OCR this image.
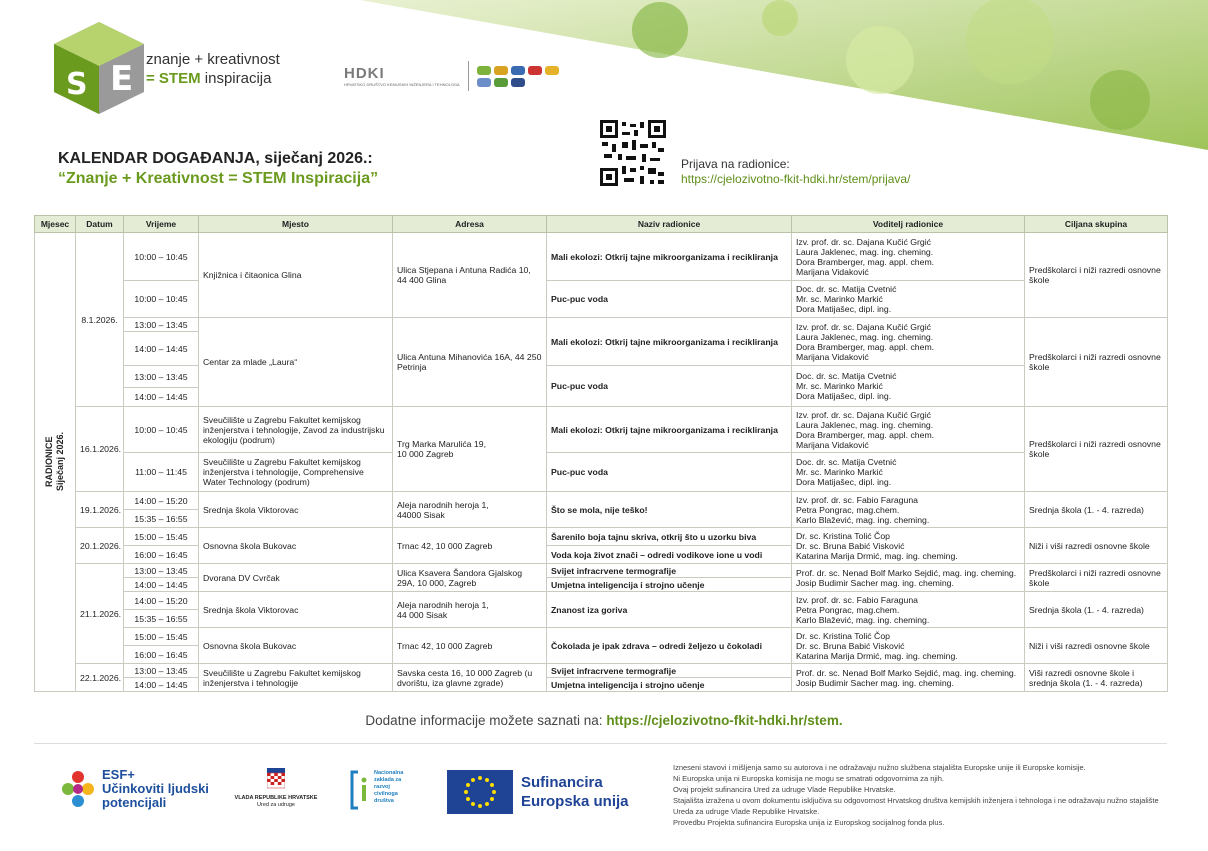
E
S
znanje + kreativnost
= STEM inspiracija	HDKI
HRVATSKO DRUŠTVO KEMIJSKIH INŽENJERA I TEHNOLOGA
Prijava na radionice:
https://cjelozivotno-fkit-hdki.hr/stem/prijava/
KALENDAR DOGAĐANJA, siječanj 2026.:
“Znanje + Kreativnost = STEM Inspiracija”
Mjesec	Datum	Vrijeme	Mjesto	Adresa	Naziv radionice	Voditelj radionice	Ciljana skupina

RADIONICE
Siječanj 2026.	8.1.2026.	10:00 – 10:45	Knjižnica i čitaonica Glina	Ulica Stjepana i Antuna Radića 10, 44 400 Glina	Mali ekolozi: Otkrij tajne mikroorganizama i recikliranja	Izv. prof. dr. sc. Dajana Kučić Grgić
Laura Jaklenec, mag. ing. cheming.
Dora Bramberger, mag. appl. chem.
Marijana Vidaković	Predškolarci i niži razredi osnovne škole
		10:00 – 10:45			Puc-puc voda	Doc. dr. sc. Matija Cvetnić
Mr. sc. Marinko Markić
Dora Matijašec, dipl. ing.	
		13:00 – 13:45	Centar za mlade „Laura“	Ulica Antuna Mihanovića 16A, 44 250 Petrinja	Mali ekolozi: Otkrij tajne mikroorganizama i recikliranja	Izv. prof. dr. sc. Dajana Kučić Grgić
Laura Jaklenec, mag. ing. cheming.
Dora Bramberger, mag. appl. chem.
Marijana Vidaković	Predškolarci i niži razredi osnovne škole
		14:00 – 14:45					
		13:00 – 13:45			Puc-puc voda	Doc. dr. sc. Matija Cvetnić
Mr. sc. Marinko Markić
Dora Matijašec, dipl. ing.	
		14:00 – 14:45					
	16.1.2026.	10:00 – 10:45	Sveučilište u Zagrebu Fakultet kemijskog inženjerstva i tehnologije, Zavod za industrijsku ekologiju (podrum)	Trg Marka Marulića 19,
10 000 Zagreb	Mali ekolozi: Otkrij tajne mikroorganizama i recikliranja	Izv. prof. dr. sc. Dajana Kučić Grgić
Laura Jaklenec, mag. ing. cheming.
Dora Bramberger, mag. appl. chem.
Marijana Vidaković	Predškolarci i niži razredi osnovne škole
		11:00 – 11:45	Sveučilište u Zagrebu Fakultet kemijskog inženjerstva i tehnologije, Comprehensive Water Technology (podrum)		Puc-puc voda	Doc. dr. sc. Matija Cvetnić
Mr. sc. Marinko Markić
Dora Matijašec, dipl. ing.	
	19.1.2026.	14:00 – 15:20	Srednja škola Viktorovac	Aleja narodnih heroja 1,
44000 Sisak	Što se mola, nije teško!	Izv. prof. dr. sc. Fabio Faraguna
Petra Pongrac, mag.chem.
Karlo Blažević, mag. ing. cheming.	Srednja škola (1. - 4. razreda)
		15:35 – 16:55					
	20.1.2026.	15:00 – 15:45	Osnovna škola Bukovac	Trnac 42, 10 000 Zagreb	Šarenilo boja tajnu skriva, otkrij što u uzorku biva	Dr. sc. Kristina Tolić Čop
Dr. sc. Bruna Babić Visković
Katarina Marija Drmić, mag. ing. cheming.	Niži i viši razredi osnovne škole
		16:00 – 16:45			Voda koja život znači – odredi vodikove ione u vodi		
	21.1.2026.	13:00 – 13:45	Dvorana DV Cvrčak	Ulica Ksavera Šandora Gjalskog 29A, 10 000, Zagreb	Svijet infracrvene termografije	Prof. dr. sc. Nenad Bolf Marko Sejdić, mag. ing. cheming. Josip Budimir Sacher mag. ing. cheming.	Predškolarci i niži razredi osnovne škole
		14:00 – 14:45			Umjetna inteligencija i strojno učenje		
		14:00 – 15:20	Srednja škola Viktorovac	Aleja narodnih heroja 1,
44 000 Sisak	Znanost iza goriva	Izv. prof. dr. sc. Fabio Faraguna
Petra Pongrac, mag.chem.
Karlo Blažević, mag. ing. cheming.	Srednja škola (1. - 4. razreda)
		15:35 – 16:55					
		15:00 – 15:45	Osnovna škola Bukovac	Trnac 42, 10 000 Zagreb	Čokolada je ipak zdrava – odredi željezo u čokoladi	Dr. sc. Kristina Tolić Čop
Dr. sc. Bruna Babić Visković
Katarina Marija Drmić, mag. ing. cheming.	Niži i viši razredi osnovne škole
		16:00 – 16:45					
	22.1.2026.	13:00 – 13:45	Sveučilište u Zagrebu Fakultet kemijskog inženjerstva i tehnologije	Savska cesta 16, 10 000 Zagreb (u dvorištu, iza glavne zgrade)	Svijet infracrvene termografije	Prof. dr. sc. Nenad Bolf Marko Sejdić, mag. ing. cheming. Josip Budimir Sacher mag. ing. cheming.	Viši razredi osnovne škole i srednja škola (1. - 4. razreda)
		14:00 – 14:45			Umjetna inteligencija i strojno učenje		
Dodatne informacije možete saznati na: https://cjelozivotno-fkit-hdki.hr/stem.
ESF+
Učinkoviti ljudski
potencijali	VLADA REPUBLIKE HRVATSKE
Ured za udruge
Nacionalna zaklada za razvoj civilnoga društva
Sufinancira
Europska unija
Izneseni stavovi i mišljenja samo su autorova i ne odražavaju nužno službena stajališta Europske unije ili Europske komisije.
Ni Europska unija ni Europska komisija ne mogu se smatrati odgovornima za njih.
Ovaj projekt sufinancira Ured za udruge Vlade Republike Hrvatske.
Stajališta izražena u ovom dokumentu isključiva su odgovornost Hrvatskog društva kemijskih inženjera i tehnologa i ne odražavaju nužno stajalište Ureda za udruge Vlade Republike Hrvatske.
Provedbu Projekta sufinancira Europska unija iz Europskog socijalnog fonda plus.
